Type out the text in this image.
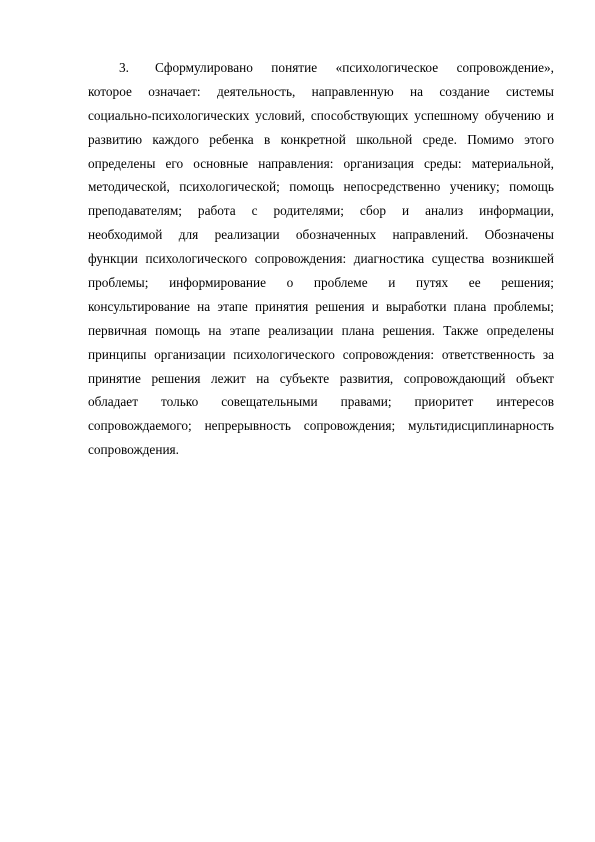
3. Сформулировано понятие «психологическое сопровождение»,
которое означает: деятельность, направленную на создание системы
социально-психологических условий, способствующих успешному обучению и
развитию каждого ребенка в конкретной школьной среде. Помимо этого
определены его основные направления: организация среды: материальной,
методической, психологической; помощь непосредственно ученику; помощь
преподавателям; работа с родителями; сбор и анализ информации,
необходимой для реализации обозначенных направлений. Обозначены
функции психологического сопровождения: диагностика существа возникшей
проблемы; информирование о проблеме и путях ее решения;
консультирование на этапе принятия решения и выработки плана проблемы;
первичная помощь на этапе реализации плана решения. Также определены
принципы организации психологического сопровождения: ответственность за
принятие решения лежит на субъекте развития, сопровождающий объект
обладает только совещательными правами; приоритет интересов
сопровождаемого; непрерывность сопровождения; мультидисциплинарность
сопровождения.
